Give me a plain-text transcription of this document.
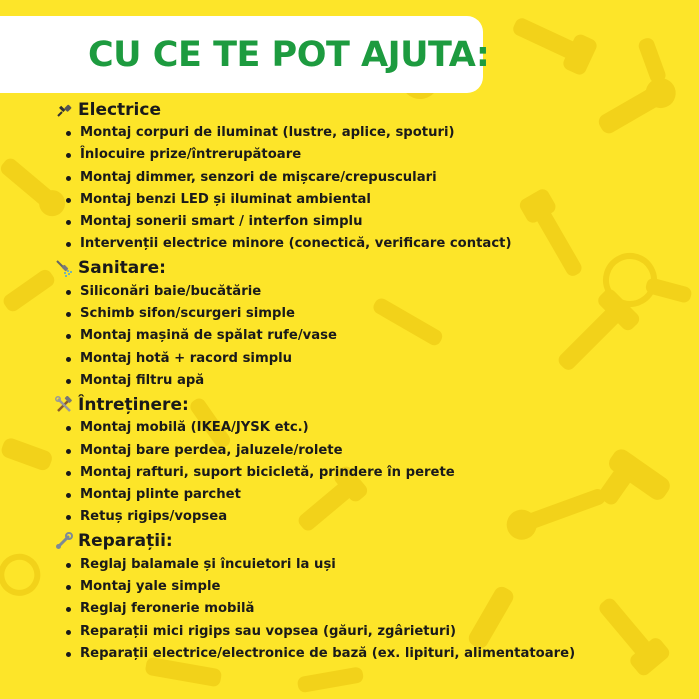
CU CE TE POT AJUTA:
Electrice
Montaj corpuri de iluminat (lustre, aplice, spoturi)
Înlocuire prize/întrerupătoare
Montaj dimmer, senzori de mișcare/crepusculari
Montaj benzi LED și iluminat ambiental
Montaj sonerii smart / interfon simplu
Intervenții electrice minore (conectică, verificare contact)
Sanitare:
Siliconări baie/bucătărie
Schimb sifon/scurgeri simple
Montaj mașină de spălat rufe/vase
Montaj hotă + racord simplu
Montaj filtru apă
Întreținere:
Montaj mobilă (IKEA/JYSK etc.)
Montaj bare perdea, jaluzele/rolete
Montaj rafturi, suport bicicletă, prindere în perete
Montaj plinte parchet
Retuș rigips/vopsea
Reparații:
Reglaj balamale și încuietori la uși
Montaj yale simple
Reglaj feronerie mobilă
Reparații mici rigips sau vopsea (găuri, zgârieturi)
Reparații electrice/electronice de bază (ex. lipituri, alimentatoare)
